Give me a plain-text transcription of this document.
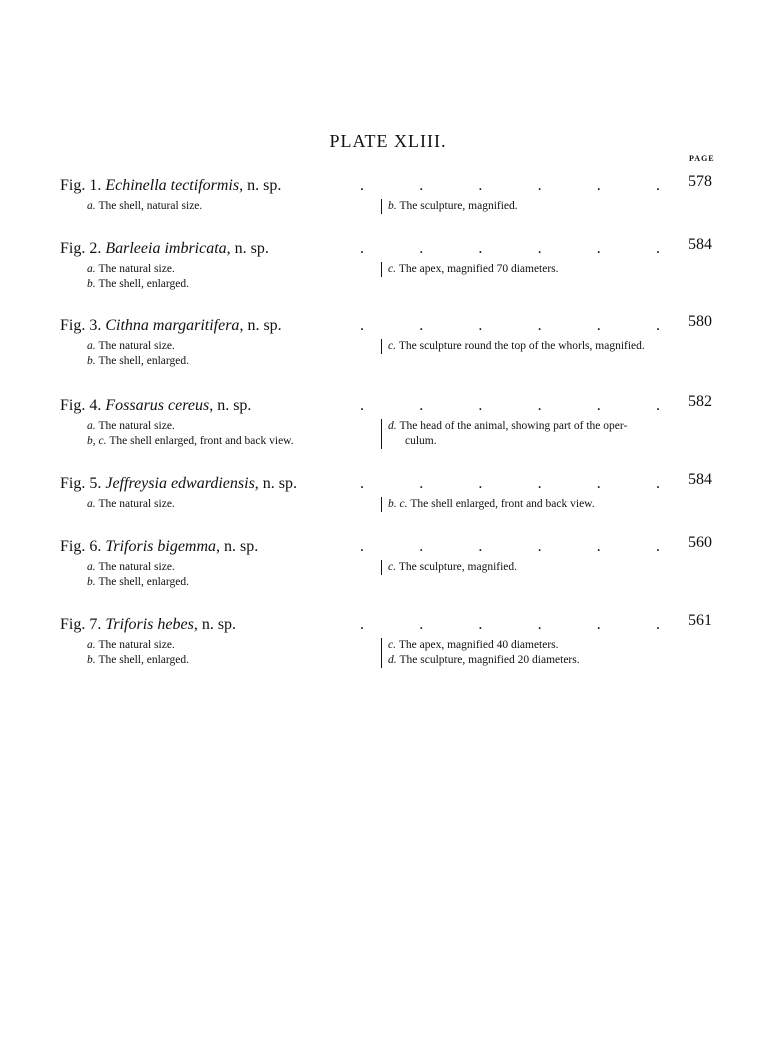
PLATE XLIII.
PAGE
Fig. 1. Echinella tectiformis, n. sp.	.	.	.	.	.	. 578
a. The shell, natural size.	b. The sculpture, magnified.
Fig. 2. Barleeia imbricata, n. sp.	.	.	.	.	.	. 584
a. The natural size.
b. The shell, enlarged.
c. The apex, magnified 70 diameters.
Fig. 3. Cithna margaritifera, n. sp.	.	.	.	.	.	. 580
a. The natural size.
b. The shell, enlarged.
c. The sculpture round the top of the whorls, magnified.
Fig. 4. Fossarus cereus, n. sp.	.	.	.	.	.	. 582
a. The natural size.
b, c. The shell enlarged, front and back view.
d. The head of the animal, showing part of the oper-
culum.
Fig. 5. Jeffreysia edwardiensis, n. sp.	.	.	.	.	.	. 584
a. The natural size.	b. c. The shell enlarged, front and back view.
Fig. 6. Triforis bigemma, n. sp.	.	.	.	.	.	. 560
a. The natural size.
b. The shell, enlarged.
c. The sculpture, magnified.
Fig. 7. Triforis hebes, n. sp.	.	.	.	.	.	. 561
a. The natural size.
b. The shell, enlarged.
c. The apex, magnified 40 diameters.
d. The sculpture, magnified 20 diameters.
